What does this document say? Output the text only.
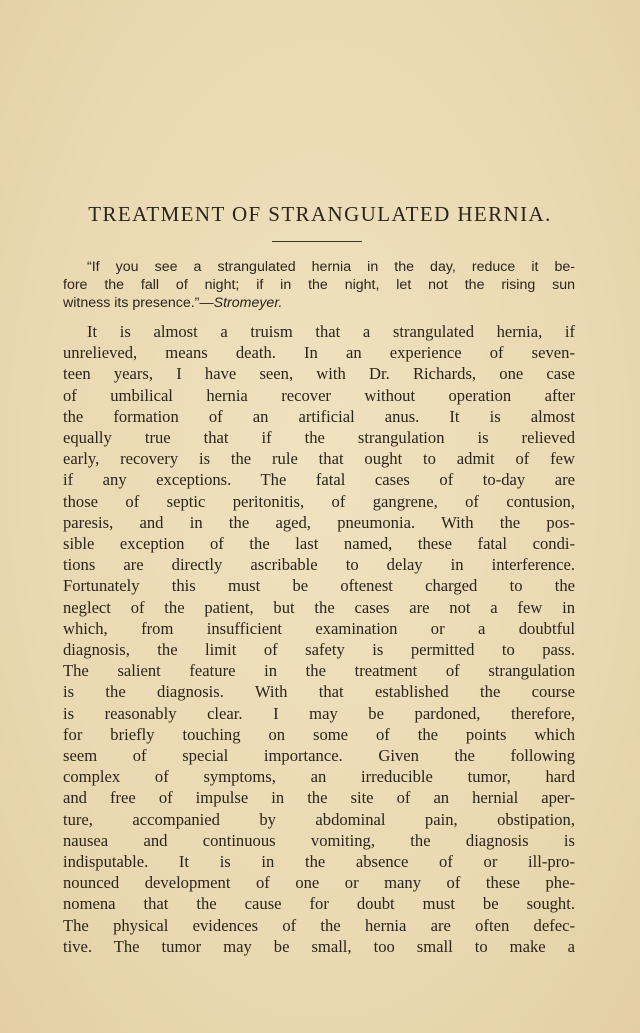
TREATMENT OF STRANGULATED HERNIA.
“If you see a strangulated hernia in the day, reduce it be-
fore the fall of night; if in the night, let not the rising sun
witness its presence.”—Stromeyer.
It is almost a truism that a strangulated hernia, if
unrelieved, means death. In an experience of seven-
teen years, I have seen, with Dr. Richards, one case
of umbilical hernia recover without operation after
the formation of an artificial anus. It is almost
equally true that if the strangulation is relieved
early, recovery is the rule that ought to admit of few
if any exceptions. The fatal cases of to-day are
those of septic peritonitis, of gangrene, of contusion,
paresis, and in the aged, pneumonia. With the pos-
sible exception of the last named, these fatal condi-
tions are directly ascribable to delay in interference.
Fortunately this must be oftenest charged to the
neglect of the patient, but the cases are not a few in
which, from insufficient examination or a doubtful
diagnosis, the limit of safety is permitted to pass.
The salient feature in the treatment of strangulation
is the diagnosis. With that established the course
is reasonably clear. I may be pardoned, therefore,
for briefly touching on some of the points which
seem of special importance. Given the following
complex of symptoms, an irreducible tumor, hard
and free of impulse in the site of an hernial aper-
ture, accompanied by abdominal pain, obstipation,
nausea and continuous vomiting, the diagnosis is
indisputable. It is in the absence of or ill-pro-
nounced development of one or many of these phe-
nomena that the cause for doubt must be sought.
The physical evidences of the hernia are often defec-
tive. The tumor may be small, too small to make a
